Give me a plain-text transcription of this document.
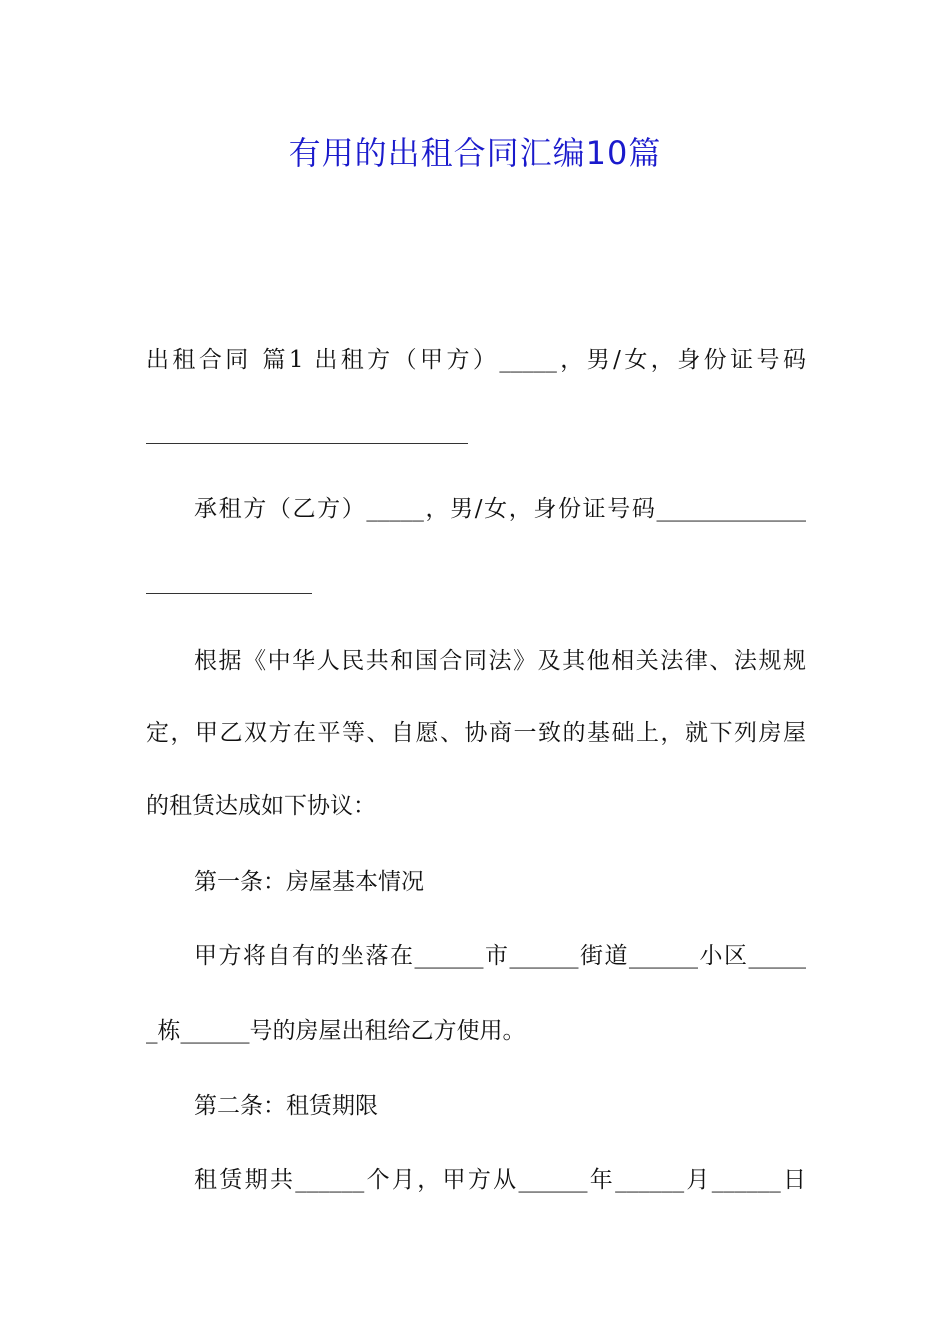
有用的出租合同汇编10篇
出租合同 篇1 出租方（甲方）_____，男/女，身份证号码
承租方（乙方）_____，男/女，身份证号码_____________
根据《中华人民共和国合同法》及其他相关法律、法规规
定，甲乙双方在平等、自愿、协商一致的基础上，就下列房屋
的租赁达成如下协议：
第一条：房屋基本情况
甲方将自有的坐落在______市______街道______小区_____
_栋______号的房屋出租给乙方使用。
第二条：租赁期限
租赁期共______个月，甲方从______年______月______日
